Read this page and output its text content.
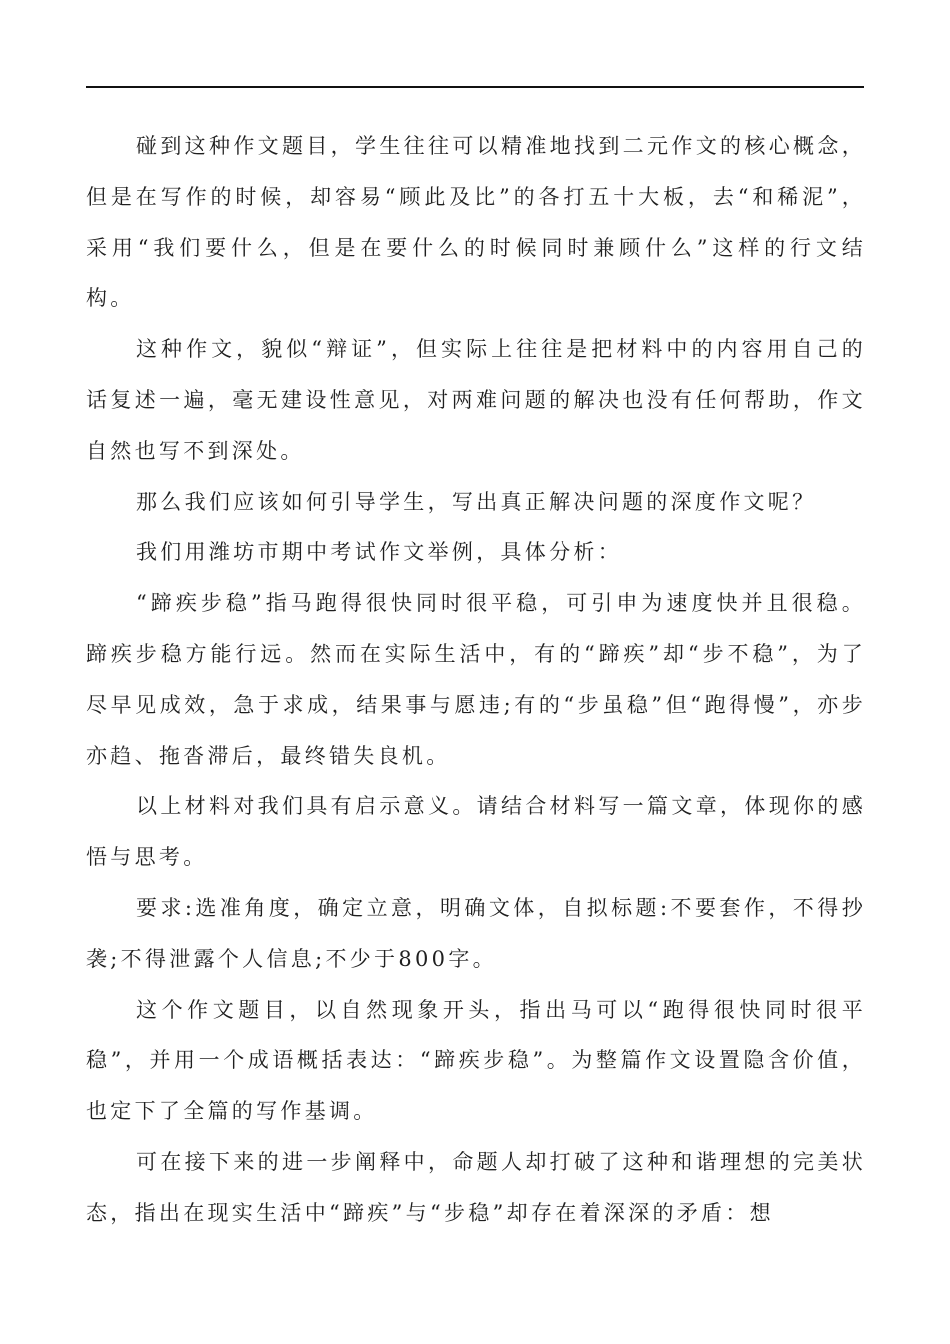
碰到这种作文题目，学生往往可以精准地找到二元作文的核心概念，但是在写作的时候，却容易“顾此及比”的各打五十大板，去“和稀泥”，采用“我们要什么，但是在要什么的时候同时兼顾什么”这样的行文结构。

这种作文，貌似“辩证”，但实际上往往是把材料中的内容用自己的话复述一遍，毫无建设性意见，对两难问题的解决也没有任何帮助，作文自然也写不到深处。

那么我们应该如何引导学生，写出真正解决问题的深度作文呢？

我们用潍坊市期中考试作文举例，具体分析：

“蹄疾步稳”指马跑得很快同时很平稳，可引申为速度快并且很稳。蹄疾步稳方能行远。然而在实际生活中，有的“蹄疾”却“步不稳”，为了尽早见成效，急于求成，结果事与愿违;有的“步虽稳”但“跑得慢”，亦步亦趋、拖沓滞后，最终错失良机。

以上材料对我们具有启示意义。请结合材料写一篇文章，体现你的感悟与思考。

要求:选准角度，确定立意，明确文体，自拟标题:不要套作，不得抄袭;不得泄露个人信息;不少于800字。

这个作文题目，以自然现象开头，指出马可以“跑得很快同时很平稳”，并用一个成语概括表达：“蹄疾步稳”。为整篇作文设置隐含价值，也定下了全篇的写作基调。

可在接下来的进一步阐释中，命题人却打破了这种和谐理想的完美状态，指出在现实生活中“蹄疾”与“步稳”却存在着深深的矛盾：想
